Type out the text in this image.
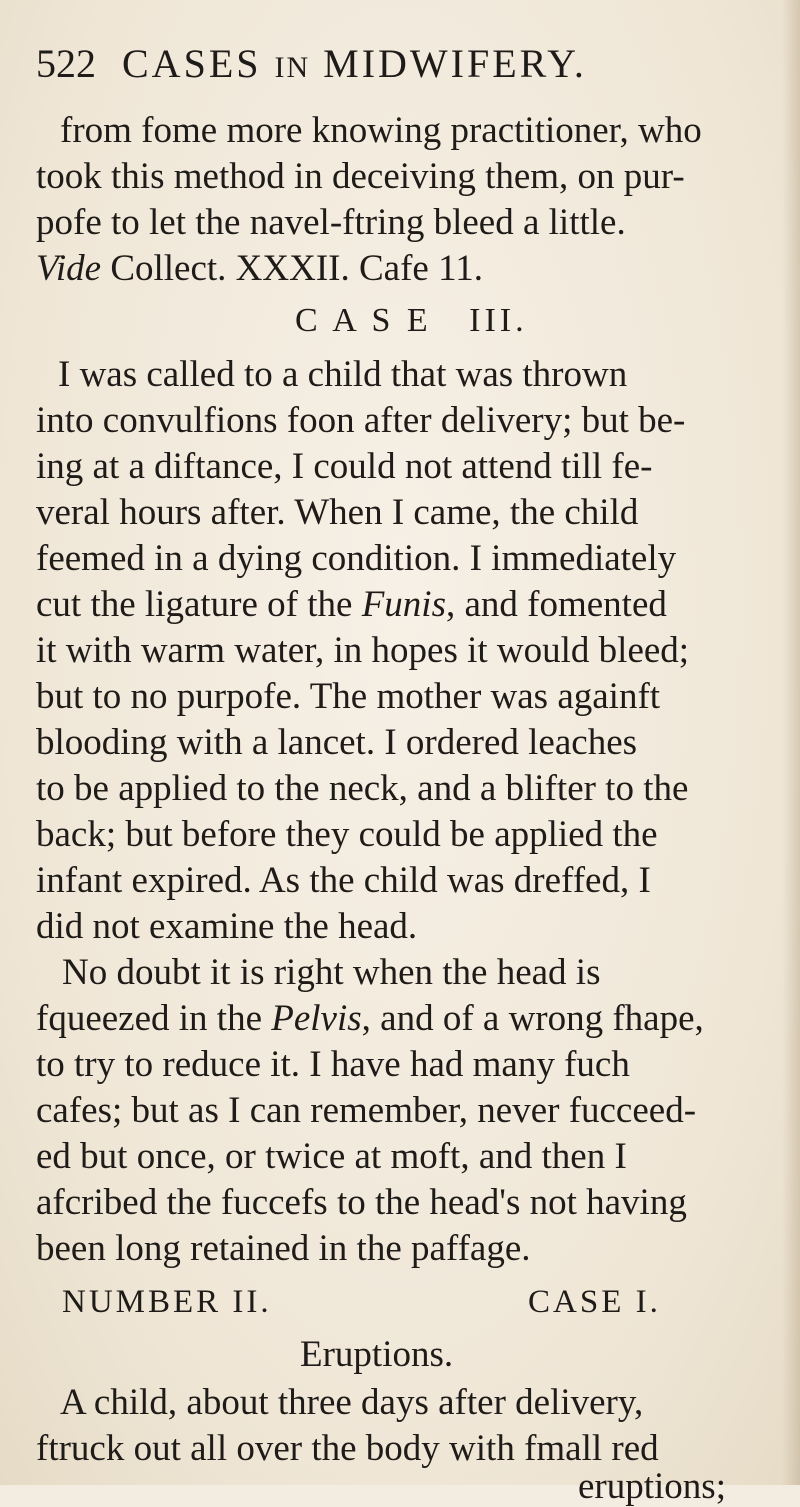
522 CASES IN MIDWIFERY.
from fome more knowing practitioner, who
took this method in deceiving them, on pur-
pofe to let the navel-ftring bleed a little.
Vide Collect. XXXII. Cafe 11.
C A S E   III.
I was called to a child that was thrown
into convulfions foon after delivery; but be-
ing at a diftance, I could not attend till fe-
veral hours after. When I came, the child
feemed in a dying condition. I immediately
cut the ligature of the Funis, and fomented
it with warm water, in hopes it would bleed;
but to no purpofe. The mother was againft
blooding with a lancet. I ordered leaches
to be applied to the neck, and a blifter to the
back; but before they could be applied the
infant expired. As the child was dreffed, I
did not examine the head.
No doubt it is right when the head is
fqueezed in the Pelvis, and of a wrong fhape,
to try to reduce it. I have had many fuch
cafes; but as I can remember, never fucceed-
ed but once, or twice at moft, and then I
afcribed the fuccefs to the head's not having
been long retained in the paffage.
NUMBER II.	CASE I.
Eruptions.
A child, about three days after delivery,
ftruck out all over the body with fmall red
eruptions;
